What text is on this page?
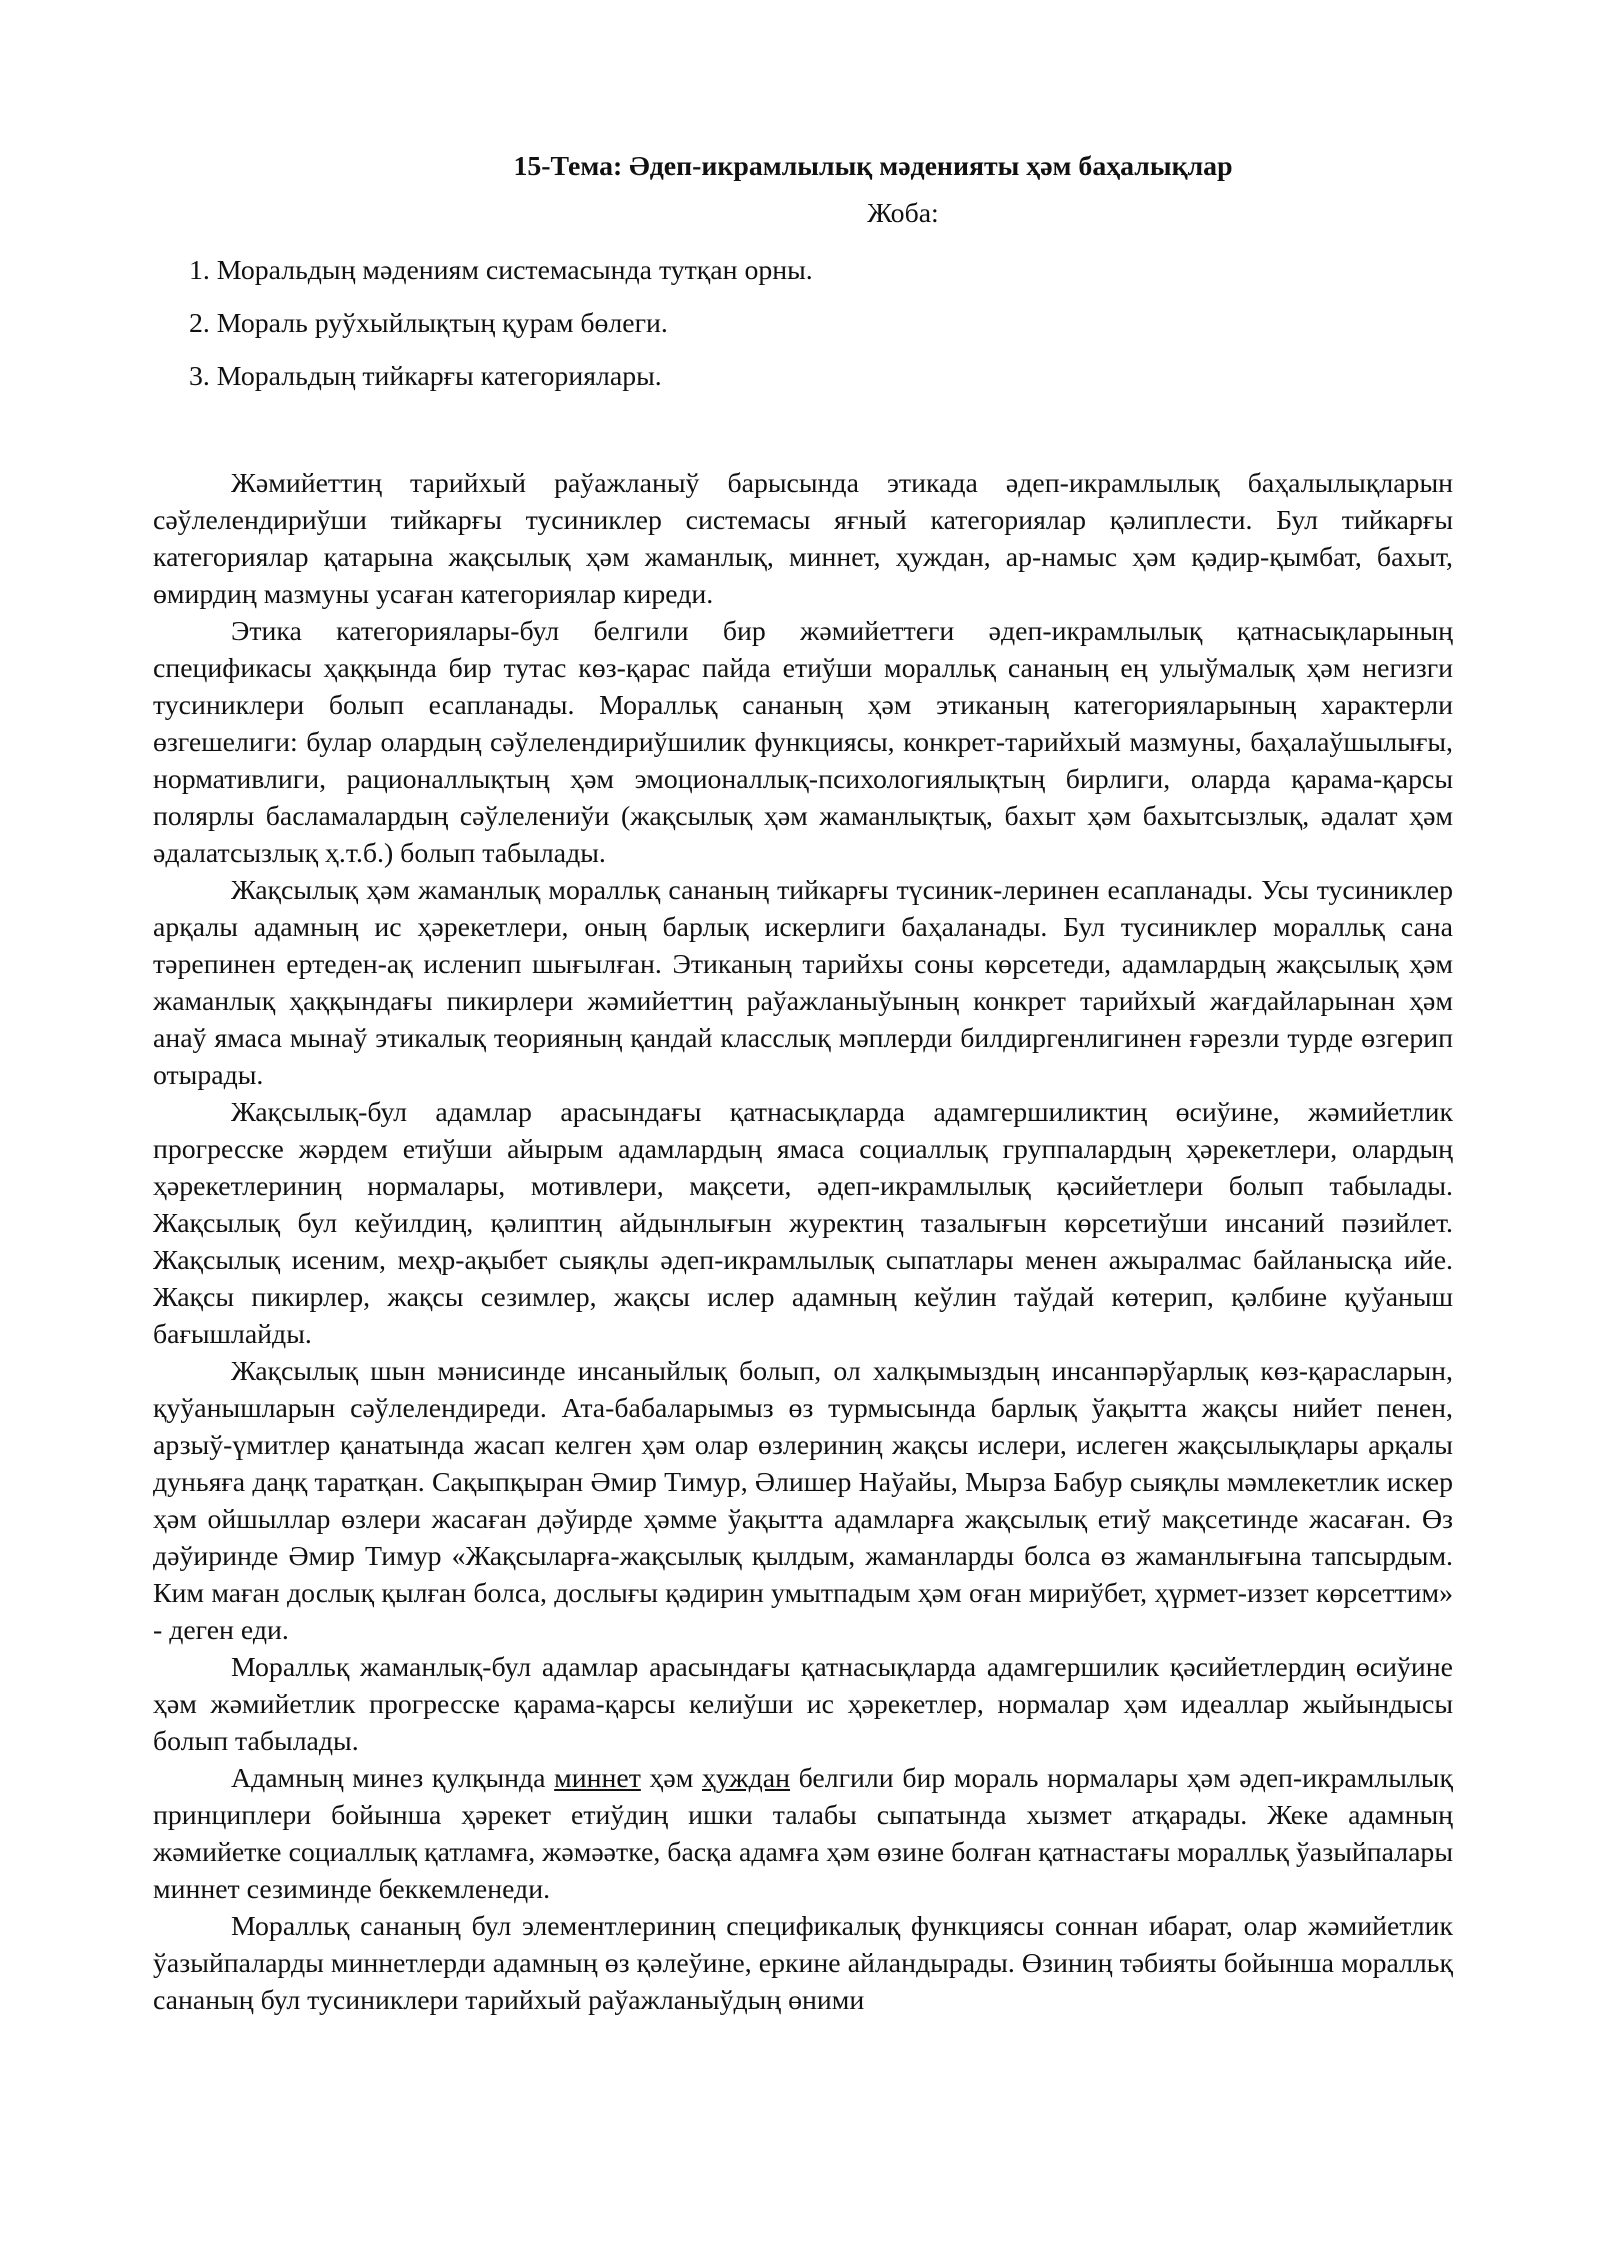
15-Тема: Әдеп-икрамлылық мәденияты ҳәм баҳалықлар
Жоба:
1. Моральдың мәдениям системасында тутқан орны.
2. Мораль руўхыйлықтың қурам бөлеги.
3. Моральдың тийкарғы категориялары.

Жәмийеттиң тарийхый раўажланыў барысында этикада әдеп-икрамлылық баҳалылықларын сәўлелендириўши тийкарғы тусиниклер системасы яғный категориялар қәлиплести. Бул тийкарғы категориялар қатарына жақсылық ҳәм жаманлық, миннет, ҳуждан, ар-намыс ҳәм қәдир-қымбат, бахыт, өмирдиң мазмуны усаған категориялар киреди.

Этика категориялары-бул белгили бир жәмийеттеги әдеп-икрамлылық қатнасықларының спецификасы ҳаққында бир тутас көз-қарас пайда етиўши моралльқ сананың ең улыўмалық ҳәм негизги тусиниклери болып есапланады. Моралльқ сананың ҳәм этиканың категорияларының характерли өзгешелиги: булар олардың сәўлелендириўшилик функциясы, конкрет-тарийхый мазмуны, баҳалаўшылығы, нормативлиги, рационаллықтың ҳәм эмоционаллық-психологиялықтың бирлиги, оларда қарама-қарсы полярлы басламалардың сәўлелениўи (жақсылық ҳәм жаманлықтық, бахыт ҳәм бахытсызлық, әдалат ҳәм әдалатсызлық ҳ.т.б.) болып табылады.

Жақсылық ҳәм жаманлық моралльқ сананың тийкарғы түсиник-леринен есапланады. Усы тусиниклер арқалы адамның ис ҳәрекетлери, оның барлық искерлиги баҳаланады. Бул тусиниклер моралльқ сана тәрепинен ертеден-ақ исленип шығылған. Этиканың тарийхы соны көрсетеди, адамлардың жақсылық ҳәм жаманлық ҳаққындағы пикирлери жәмийеттиң раўажланыўының конкрет тарийхый жағдайларынан ҳәм анаў ямаса мынаў этикалық теорияның қандай класслық мәплерди билдиргенлигинен ғәрезли турде өзгерип отырады.

Жақсылық-бул адамлар арасындағы қатнасықларда адамгершиликтиң өсиўине, жәмийетлик прогресске жәрдем етиўши айырым адамлардың ямаса социаллық группалардың ҳәрекетлери, олардың ҳәрекетлериниң нормалары, мотивлери, мақсети, әдеп-икрамлылық қәсийетлери болып табылады. Жақсылық бул кеўилдиң, қәлиптиң айдынлығын журектиң тазалығын көрсетиўши инсаний пәзийлет. Жақсылық исеним, меҳр-ақыбет сыяқлы әдеп-икрамлылық сыпатлары менен ажыралмас байланысқа ийе. Жақсы пикирлер, жақсы сезимлер, жақсы ислер адамның кеўлин таўдай көтерип, қәлбине қуўаныш бағышлайды.

Жақсылық шын мәнисинде инсаныйлық болып, ол халқымыздың инсанпәрўарлық көз-қарасларын, қуўанышларын сәўлелендиреди. Ата-бабаларымыз өз турмысында барлық ўақытта жақсы нийет пенен, арзыў-үмитлер қанатында жасап келген ҳәм олар өзлериниң жақсы ислери, ислеген жақсылықлары арқалы дуньяға даңқ таратқан. Сақыпқыран Әмир Тимур, Әлишер Наўайы, Мырза Бабур сыяқлы мәмлекетлик искер ҳәм ойшыллар өзлери жасаған дәўирде ҳәмме ўақытта адамларға жақсылық етиў мақсетинде жасаған. Өз дәўиринде Әмир Тимур «Жақсыларға-жақсылық қылдым, жаманларды болса өз жаманлығына тапсырдым. Ким маған дослық қылған болса, дослығы қәдирин умытпадым ҳәм оған мириўбет, ҳүрмет-иззет көрсеттим» - деген еди.

Моралльқ жаманлық-бул адамлар арасындағы қатнасықларда адамгершилик қәсийетлердиң өсиўине ҳәм жәмийетлик прогресске қарама-қарсы келиўши ис ҳәрекетлер, нормалар ҳәм идеаллар жыйындысы болып табылады.

Адамның минез қулқында миннет ҳәм ҳуждан белгили бир мораль нормалары ҳәм әдеп-икрамлылық принциплери бойынша ҳәрекет етиўдиң ишки талабы сыпатында хызмет атқарады. Жеке адамның жәмийетке социаллық қатламға, жәмәәтке, басқа адамға ҳәм өзине болған қатнастағы моралльқ ўазыйпалары миннет сезиминде беккемленеди.

Моралльқ сананың бул элементлериниң спецификалық функциясы соннан ибарат, олар жәмийетлик ўазыйпаларды миннетлерди адамның өз қәлеўине, еркине айландырады. Өзиниң тәбияты бойынша моралльқ сананың бул тусиниклери тарийхый раўажланыўдың өними
